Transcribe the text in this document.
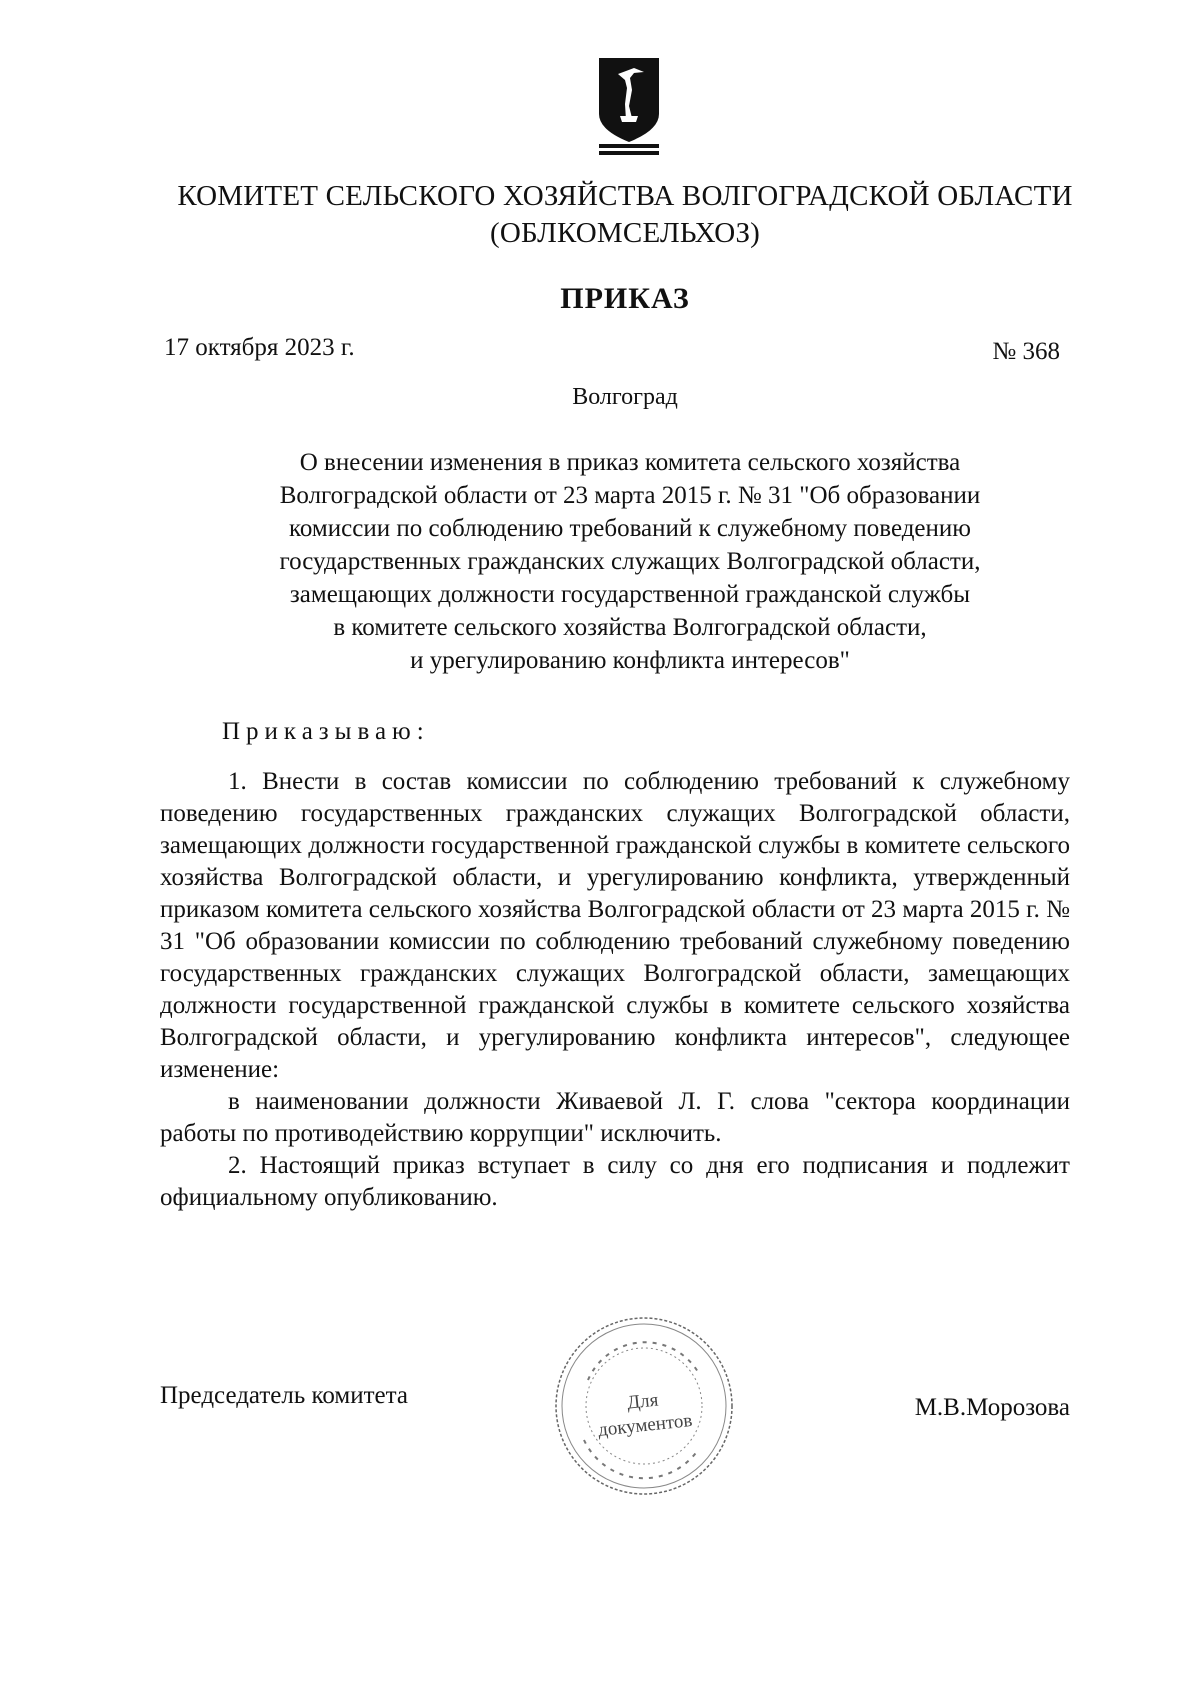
КОМИТЕТ СЕЛЬСКОГО ХОЗЯЙСТВА ВОЛГОГРАДСКОЙ ОБЛАСТИ
(ОБЛКОМСЕЛЬХОЗ)
ПРИКАЗ
17 октября 2023 г.	№ 368
Волгоград
О внесении изменения в приказ комитета сельского хозяйства
Волгоградской области от 23 марта 2015 г. № 31 "Об образовании
комиссии по соблюдению требований к служебному поведению
государственных гражданских служащих Волгоградской области,
замещающих должности государственной гражданской службы
в комитете сельского хозяйства Волгоградской области,
и урегулированию конфликта интересов"
Приказываю:

1. Внести в состав комиссии по соблюдению требований к служебному поведению государственных гражданских служащих Волгоградской области, замещающих должности государственной гражданской службы в комитете сельского хозяйства Волгоградской области, и урегулированию конфликта, утвержденный приказом комитета сельского хозяйства Волгоградской области от 23 марта 2015 г. № 31 "Об образовании комиссии по соблюдению требований служебному поведению государственных гражданских служащих Волгоградской области, замещающих должности государственной гражданской службы в комитете сельского хозяйства Волгоградской области, и урегулированию конфликта интересов", следующее изменение:

в наименовании должности Живаевой Л. Г. слова "сектора координации работы по противодействию коррупции" исключить.

2. Настоящий приказ вступает в силу со дня его подписания и подлежит официальному опубликованию.

Председатель комитета	Для
документов
М.В.Морозова
